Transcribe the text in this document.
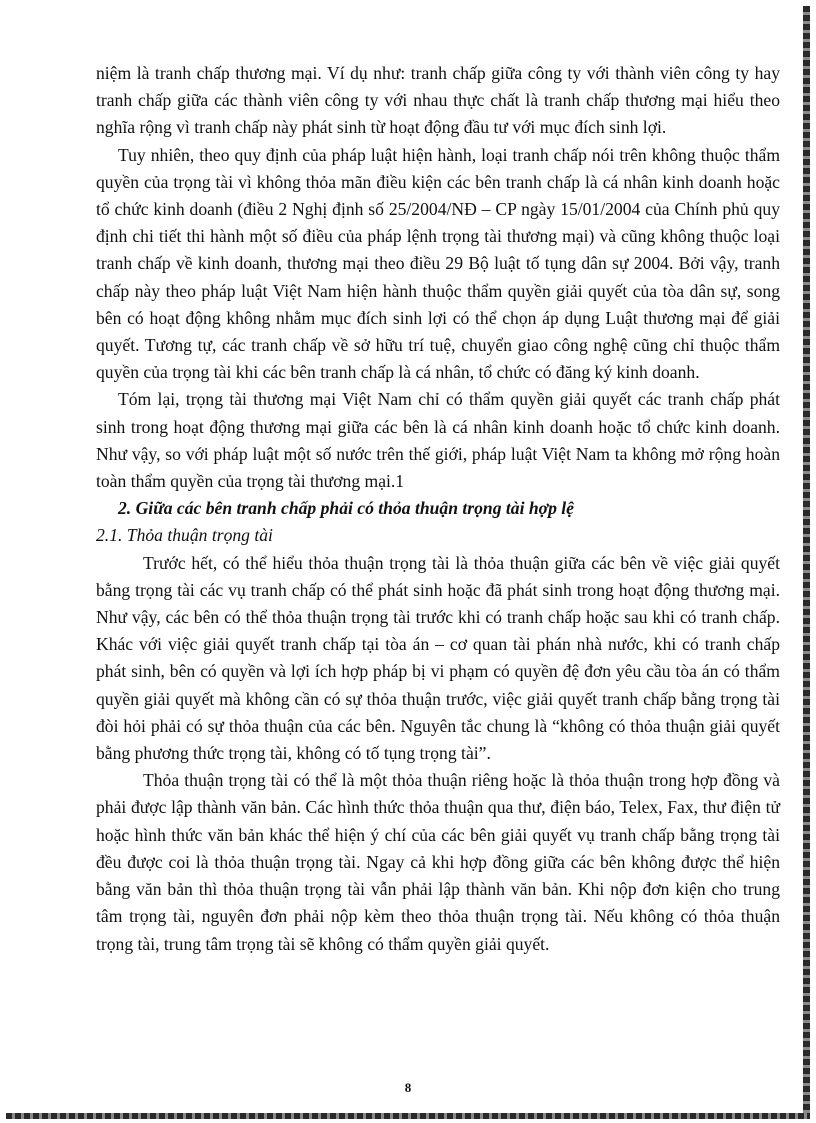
niệm là tranh chấp thương mại. Ví dụ như: tranh chấp giữa công ty với thành viên công ty hay tranh chấp giữa các thành viên công ty với nhau thực chất là tranh chấp thương mại hiểu theo nghĩa rộng vì tranh chấp này phát sinh từ hoạt động đầu tư với mục đích sinh lợi.

Tuy nhiên, theo quy định của pháp luật hiện hành, loại tranh chấp nói trên không thuộc thẩm quyền của trọng tài vì không thỏa mãn điều kiện các bên tranh chấp là cá nhân kinh doanh hoặc tổ chức kinh doanh (điều 2 Nghị định số 25/2004/NĐ – CP ngày 15/01/2004 của Chính phủ quy định chi tiết thi hành một số điều của pháp lệnh trọng tài thương mại) và cũng không thuộc loại tranh chấp về kinh doanh, thương mại theo điều 29 Bộ luật tố tụng dân sự 2004. Bởi vậy, tranh chấp này theo pháp luật Việt Nam hiện hành thuộc thẩm quyền giải quyết của tòa dân sự, song bên có hoạt động không nhằm mục đích sinh lợi có thể chọn áp dụng Luật thương mại để giải quyết. Tương tự, các tranh chấp về sở hữu trí tuệ, chuyển giao công nghệ cũng chỉ thuộc thẩm quyền của trọng tài khi các bên tranh chấp là cá nhân, tổ chức có đăng ký kinh doanh.

Tóm lại, trọng tài thương mại Việt Nam chỉ có thẩm quyền giải quyết các tranh chấp phát sinh trong hoạt động thương mại giữa các bên là cá nhân kinh doanh hoặc tổ chức kinh doanh. Như vậy, so với pháp luật một số nước trên thế giới, pháp luật Việt Nam ta không mở rộng hoàn toàn thẩm quyền của trọng tài thương mại.1

2. Giữa các bên tranh chấp phải có thỏa thuận trọng tài hợp lệ

2.1. Thỏa thuận trọng tài

Trước hết, có thể hiểu thỏa thuận trọng tài là thỏa thuận giữa các bên về việc giải quyết bằng trọng tài các vụ tranh chấp có thể phát sinh hoặc đã phát sinh trong hoạt động thương mại. Như vậy, các bên có thể thỏa thuận trọng tài trước khi có tranh chấp hoặc sau khi có tranh chấp. Khác với việc giải quyết tranh chấp tại tòa án – cơ quan tài phán nhà nước, khi có tranh chấp phát sinh, bên có quyền và lợi ích hợp pháp bị vi phạm có quyền đệ đơn yêu cầu tòa án có thẩm quyền giải quyết mà không cần có sự thỏa thuận trước, việc giải quyết tranh chấp bằng trọng tài đòi hỏi phải có sự thỏa thuận của các bên. Nguyên tắc chung là “không có thỏa thuận giải quyết bằng phương thức trọng tài, không có tố tụng trọng tài”.

Thỏa thuận trọng tài có thể là một thỏa thuận riêng hoặc là thỏa thuận trong hợp đồng và phải được lập thành văn bản. Các hình thức thỏa thuận qua thư, điện báo, Telex, Fax, thư điện tử hoặc hình thức văn bản khác thể hiện ý chí của các bên giải quyết vụ tranh chấp bằng trọng tài đều được coi là thỏa thuận trọng tài. Ngay cả khi hợp đồng giữa các bên không được thể hiện bằng văn bản thì thỏa thuận trọng tài vẫn phải lập thành văn bản. Khi nộp đơn kiện cho trung tâm trọng tài, nguyên đơn phải nộp kèm theo thỏa thuận trọng tài. Nếu không có thỏa thuận trọng tài, trung tâm trọng tài sẽ không có thẩm quyền giải quyết.

8
